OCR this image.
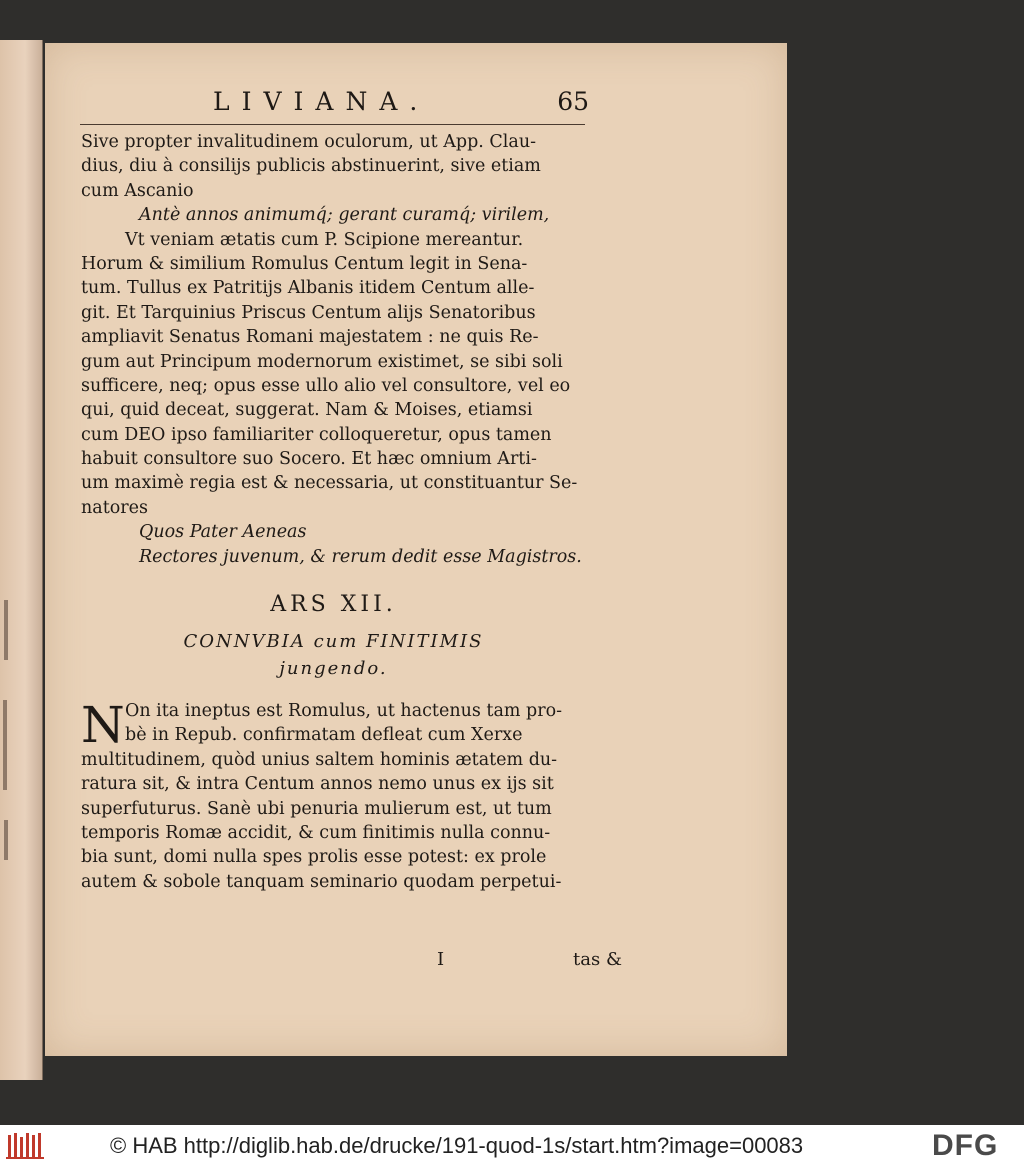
LIVIANA.	65
Sive propter invalitudinem oculorum, ut App. Clau-
dius, diu à consilijs publicis abstinuerint, sive etiam
cum Ascanio
Antè annos animumq́; gerant curamq́; virilem,
Vt veniam ætatis cum P. Scipione mereantur.
Horum & similium Romulus Centum legit in Sena-
tum. Tullus ex Patritijs Albanis itidem Centum alle-
git. Et Tarquinius Priscus Centum alijs Senatoribus
ampliavit Senatus Romani majestatem : ne quis Re-
gum aut Principum modernorum existimet, se sibi soli
sufficere, neq; opus esse ullo alio vel consultore, vel eo
qui, quid deceat, suggerat. Nam & Moises, etiamsi
cum DEO ipso familiariter colloqueretur, opus tamen
habuit consultore suo Socero. Et hæc omnium Arti-
um maximè regia est & necessaria, ut constituantur Se-
natores
Quos Pater Aeneas
Rectores juvenum, & rerum dedit esse Magistros.
ARS XII.
CONNVBIA cum FINITIMIS
jungendo.
N On ita ineptus est Romulus, ut hactenus tam pro-
bè in Repub. confirmatam defleat cum Xerxe
multitudinem, quòd unius saltem hominis ætatem du-
ratura sit, & intra Centum annos nemo unus ex ijs sit
superfuturus. Sanè ubi penuria mulierum est, ut tum
temporis Romæ accidit, & cum finitimis nulla connu-
bia sunt, domi nulla spes prolis esse potest: ex prole
autem & sobole tanquam seminario quodam perpetui-
I	tas &
© HAB http://diglib.hab.de/drucke/191-quod-1s/start.htm?image=00083	DFG
